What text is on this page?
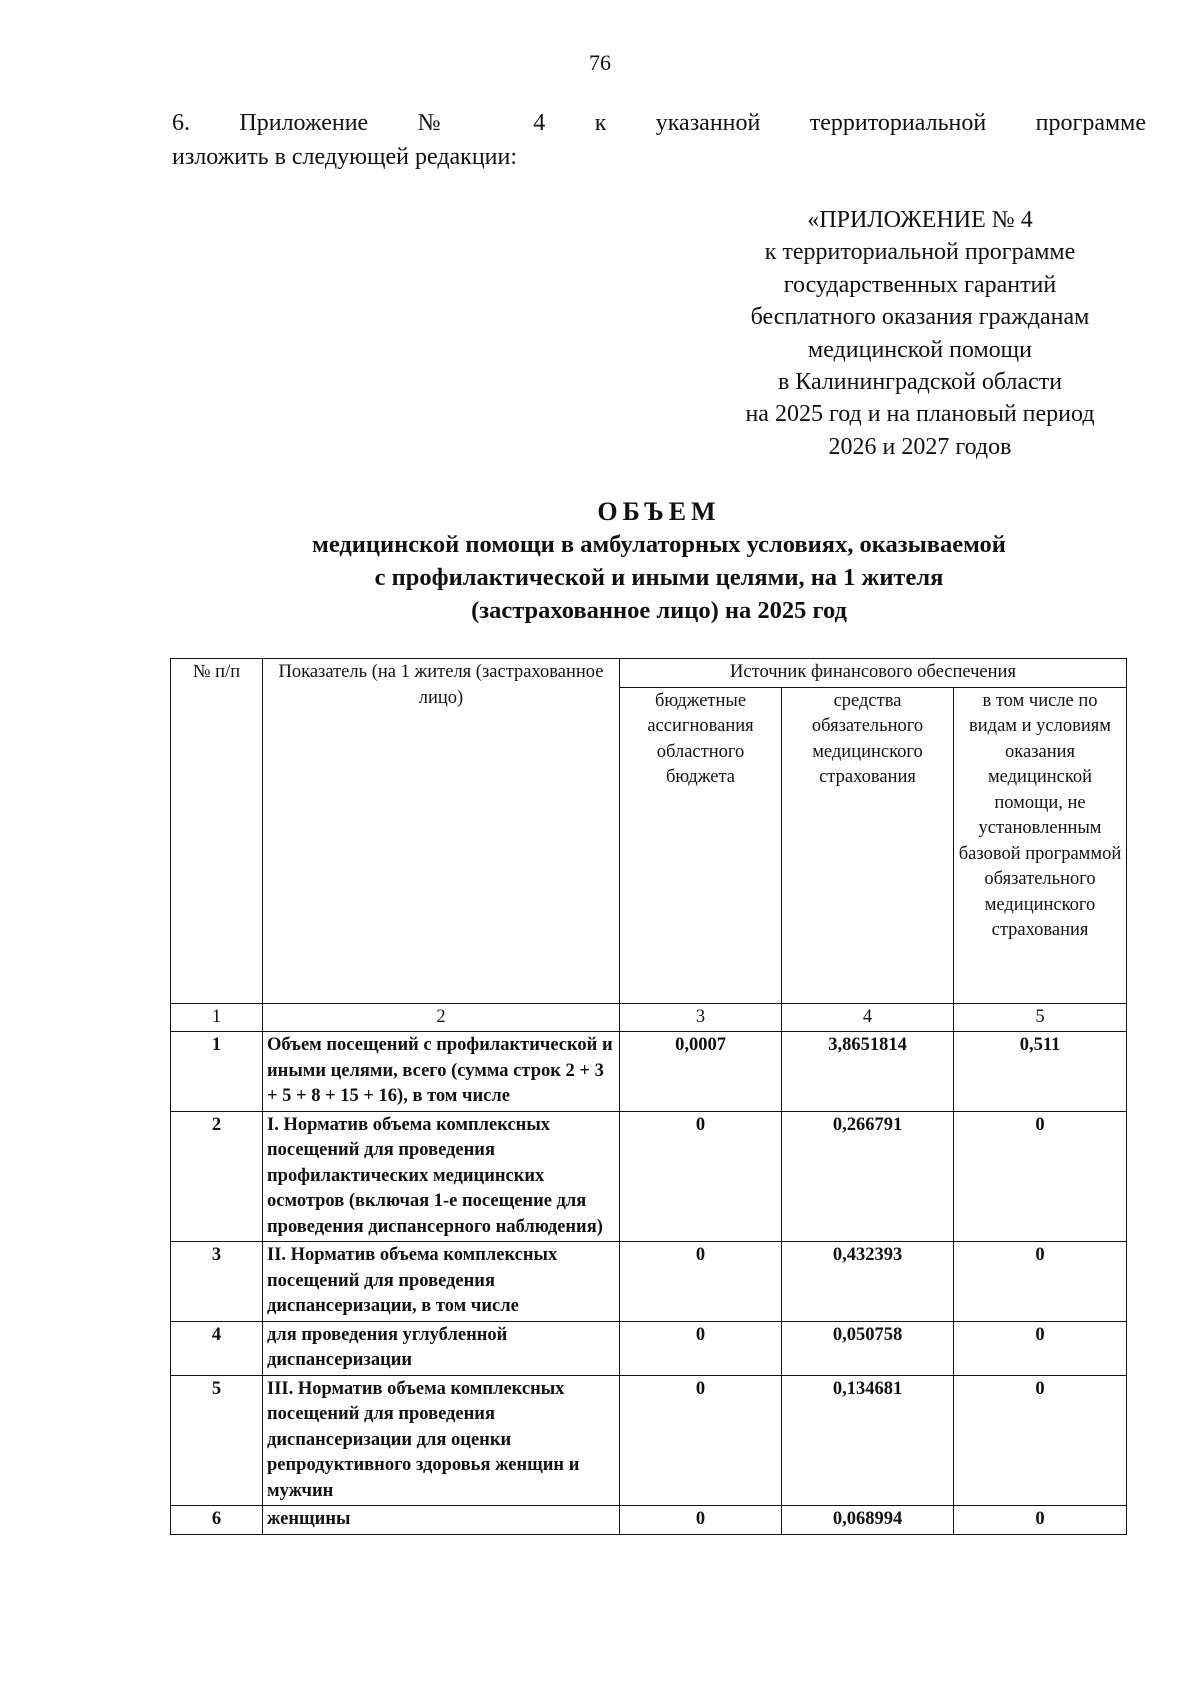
76
6. Приложение № 4 к указанной территориальной программе
изложить в следующей редакции:
«ПРИЛОЖЕНИЕ № 4
к территориальной программе
государственных гарантий
бесплатного оказания гражданам
медицинской помощи
в Калининградской области
на 2025 год и на плановый период
2026 и 2027 годов
ОБЪЕМ
медицинской помощи в амбулаторных условиях, оказываемой
с профилактической и иными целями, на 1 жителя
(застрахованное лицо) на 2025 год
№ п/п	Показатель (на 1 жителя (застрахованное лицо)	Источник финансового обеспечения		
		бюджетные ассигнования областного бюджета	средства обязательного медицинского страхования	в том числе по видам и условиям оказания медицинской помощи, не установленным базовой программой обязательного медицинского страхования
1	2	3	4	5
1	Объем посещений с профилактической и иными целями, всего (сумма строк 2 + 3 + 5 + 8 + 15 + 16), в том числе	0,0007	3,8651814	0,511
2	I. Норматив объема комплексных посещений для проведения профилактических медицинских осмотров (включая 1-е посещение для проведения диспансерного наблюдения)	0	0,266791	0
3	II. Норматив объема комплексных посещений для проведения диспансеризации, в том числе	0	0,432393	0
4	для проведения углубленной диспансеризации	0	0,050758	0
5	III. Норматив объема комплексных посещений для проведения диспансеризации для оценки репродуктивного здоровья женщин и мужчин	0	0,134681	0
6	женщины	0	0,068994	0
